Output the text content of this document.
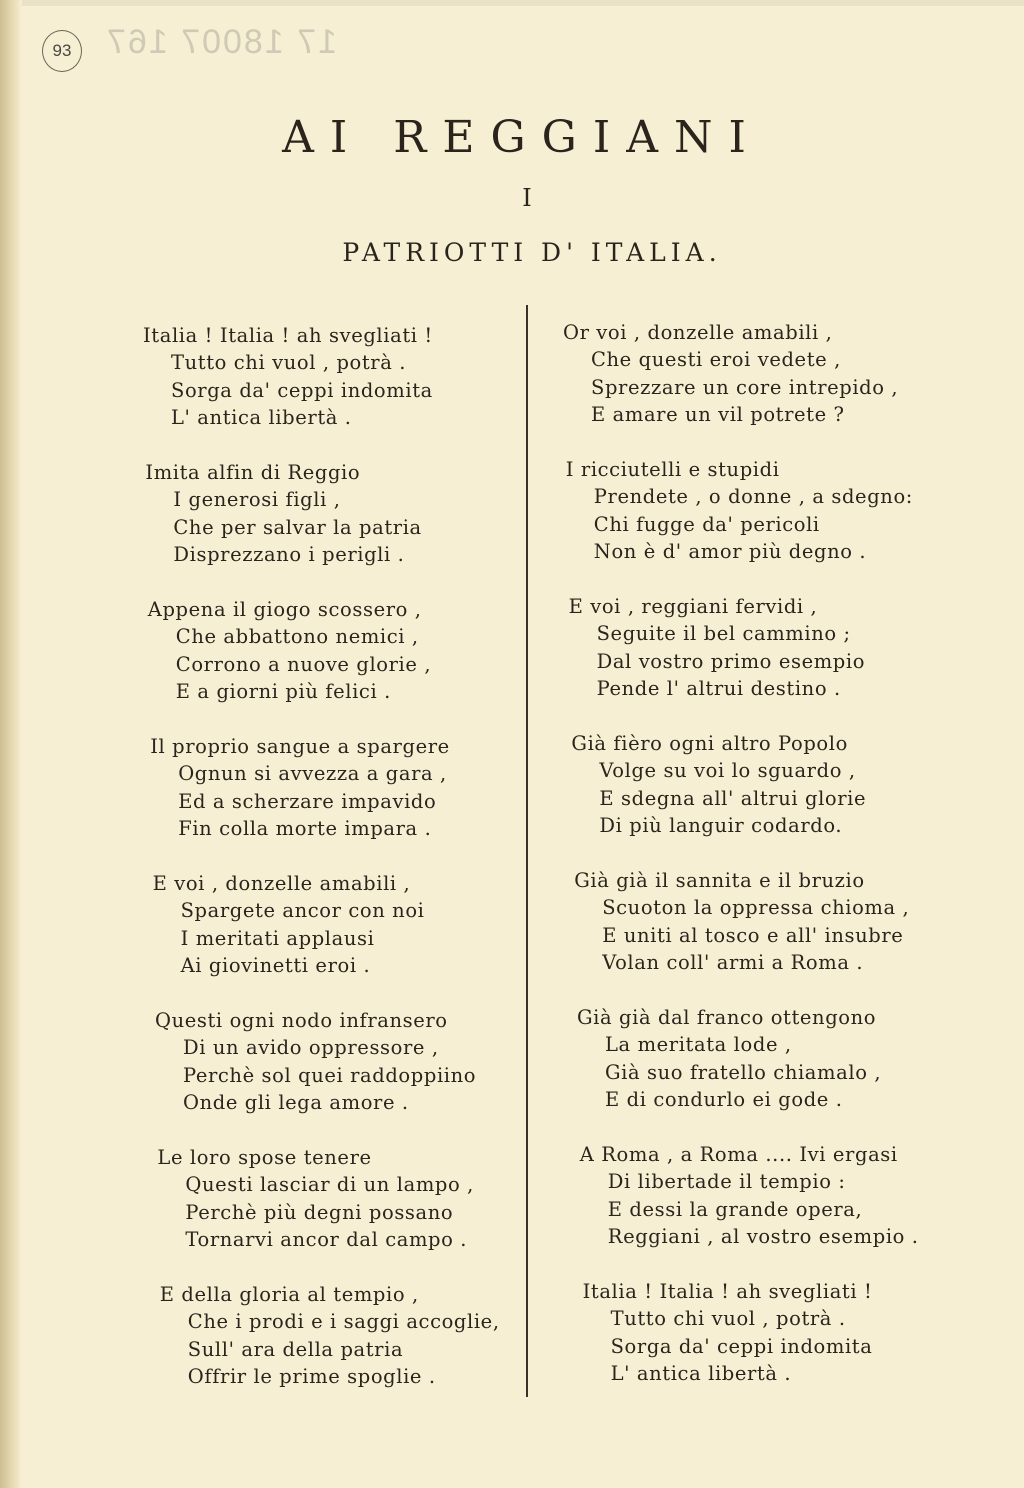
93 17 18007 167
AI REGGIANI
I
PATRIOTTI D' ITALIA.
Italia ! Italia ! ah svegliati !
Tutto chi vuol , potrà .
Sorga da' ceppi indomita
L' antica libertà .
Imita alfin di Reggio
I generosi figli ,
Che per salvar la patria
Disprezzano i perigli .
Appena il giogo scossero ,
Che abbattono nemici ,
Corrono a nuove glorie ,
E a giorni più felici .
Il proprio sangue a spargere
Ognun si avvezza a gara ,
Ed a scherzare impavido
Fin colla morte impara .
E voi , donzelle amabili ,
Spargete ancor con noi
I meritati applausi
Ai giovinetti eroi .
Questi ogni nodo infransero
Di un avido oppressore ,
Perchè sol quei raddoppiino
Onde gli lega amore .
Le loro spose tenere
Questi lasciar di un lampo ,
Perchè più degni possano
Tornarvi ancor dal campo .
E della gloria al tempio ,
Che i prodi e i saggi accoglie,
Sull' ara della patria
Offrir le prime spoglie .
Or voi , donzelle amabili ,
Che questi eroi vedete ,
Sprezzare un core intrepido ,
E amare un vil potrete ?
I ricciutelli e stupidi
Prendete , o donne , a sdegno:
Chi fugge da' pericoli
Non è d' amor più degno .
E voi , reggiani fervidi ,
Seguite il bel cammino ;
Dal vostro primo esempio
Pende l' altrui destino .
Già fièro ogni altro Popolo
Volge su voi lo sguardo ,
E sdegna all' altrui glorie
Di più languir codardo.
Già già il sannita e il bruzio
Scuoton la oppressa chioma ,
E uniti al tosco e all' insubre
Volan coll' armi a Roma .
Già già dal franco ottengono
La meritata lode ,
Già suo fratello chiamalo ,
E di condurlo ei gode .
A Roma , a Roma .... Ivi ergasi
Di libertade il tempio :
E dessi la grande opera,
Reggiani , al vostro esempio .
Italia ! Italia ! ah svegliati !
Tutto chi vuol , potrà .
Sorga da' ceppi indomita
L' antica libertà .
